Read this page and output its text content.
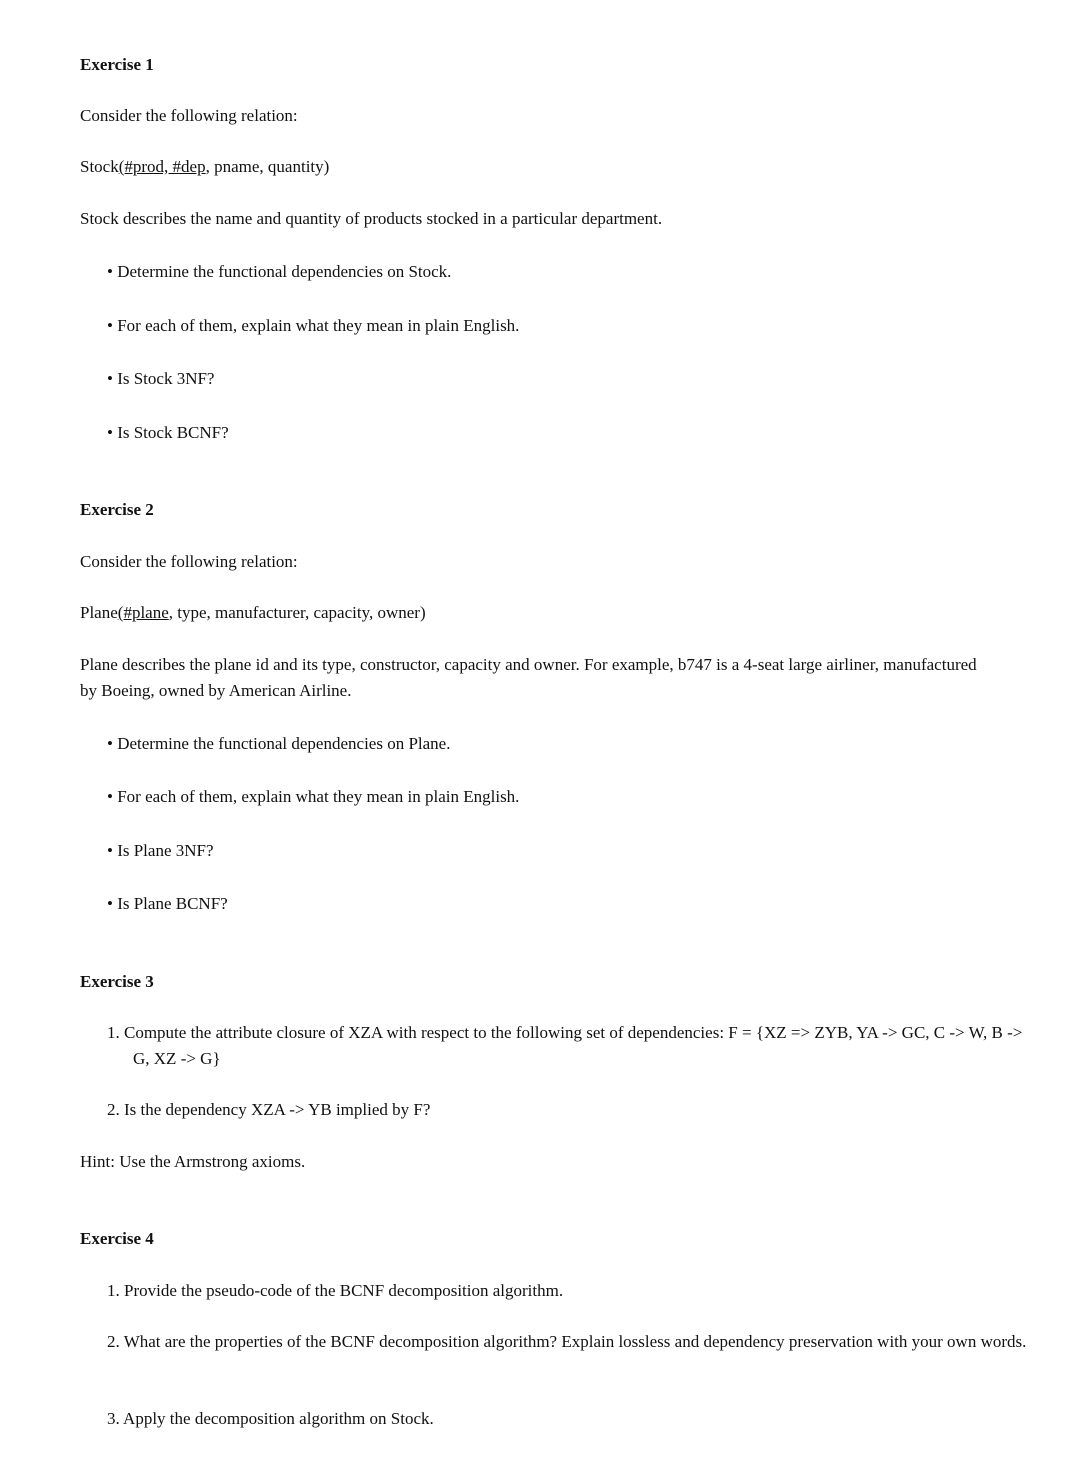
Exercise 1
Consider the following relation:
Stock(#prod, #dep, pname, quantity)
Stock describes the name and quantity of products stocked in a particular department.
• Determine the functional dependencies on Stock.
• For each of them, explain what they mean in plain English.
• Is Stock 3NF?
• Is Stock BCNF?
Exercise 2
Consider the following relation:
Plane(#plane, type, manufacturer, capacity, owner)
Plane describes the plane id and its type, constructor, capacity and owner. For example, b747 is a 4-seat large airliner, manufactured by Boeing, owned by American Airline.
• Determine the functional dependencies on Plane.
• For each of them, explain what they mean in plain English.
• Is Plane 3NF?
• Is Plane BCNF?
Exercise 3
1. Compute the attribute closure of XZA with respect to the following set of dependencies: F = {XZ => ZYB, YA -> GC, C -> W, B -> G, XZ -> G}
2. Is the dependency XZA -> YB implied by F?
Hint: Use the Armstrong axioms.
Exercise 4
1. Provide the pseudo-code of the BCNF decomposition algorithm.
2. What are the properties of the BCNF decomposition algorithm? Explain lossless and dependency preservation with your own words.
3. Apply the decomposition algorithm on Stock.
